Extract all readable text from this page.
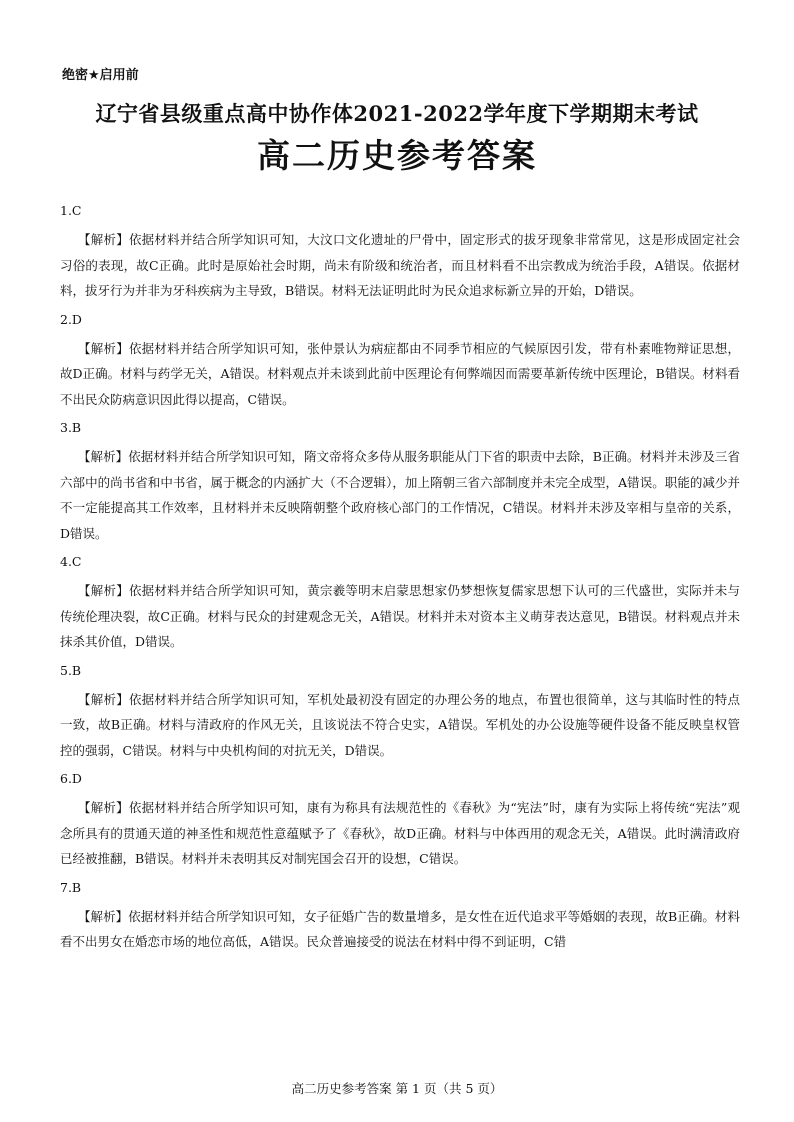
绝密★启用前
辽宁省县级重点高中协作体2021-2022学年度下学期期末考试
高二历史参考答案
1.C
【解析】依据材料并结合所学知识可知，大汶口文化遗址的尸骨中，固定形式的拔牙现象非常常见，这是形成固定社会习俗的表现，故C正确。此时是原始社会时期，尚未有阶级和统治者，而且材料看不出宗教成为统治手段，A错误。依据材料，拔牙行为并非为牙科疾病为主导致，B错误。材料无法证明此时为民众追求标新立异的开始，D错误。
2.D
【解析】依据材料并结合所学知识可知，张仲景认为病症都由不同季节相应的气候原因引发，带有朴素唯物辩证思想，故D正确。材料与药学无关，A错误。材料观点并未谈到此前中医理论有何弊端因而需要革新传统中医理论，B错误。材料看不出民众防病意识因此得以提高，C错误。
3.B
【解析】依据材料并结合所学知识可知，隋文帝将众多侍从服务职能从门下省的职责中去除，B正确。材料并未涉及三省六部中的尚书省和中书省，属于概念的内涵扩大（不合逻辑），加上隋朝三省六部制度并未完全成型，A错误。职能的减少并不一定能提高其工作效率，且材料并未反映隋朝整个政府核心部门的工作情况，C错误。材料并未涉及宰相与皇帝的关系，D错误。
4.C
【解析】依据材料并结合所学知识可知，黄宗羲等明末启蒙思想家仍梦想恢复儒家思想下认可的三代盛世，实际并未与传统伦理决裂，故C正确。材料与民众的封建观念无关，A错误。材料并未对资本主义萌芽表达意见，B错误。材料观点并未抹杀其价值，D错误。
5.B
【解析】依据材料并结合所学知识可知，军机处最初没有固定的办理公务的地点，布置也很简单，这与其临时性的特点一致，故B正确。材料与清政府的作风无关，且该说法不符合史实，A错误。军机处的办公设施等硬件设备不能反映皇权管控的强弱，C错误。材料与中央机构间的对抗无关，D错误。
6.D
【解析】依据材料并结合所学知识可知，康有为称具有法规范性的《春秋》为“宪法”时，康有为实际上将传统“宪法”观念所具有的贯通天道的神圣性和规范性意蕴赋予了《春秋》，故D正确。材料与中体西用的观念无关，A错误。此时满清政府已经被推翻，B错误。材料并未表明其反对制宪国会召开的设想，C错误。
7.B
【解析】依据材料并结合所学知识可知，女子征婚广告的数量增多，是女性在近代追求平等婚姻的表现，故B正确。材料看不出男女在婚恋市场的地位高低，A错误。民众普遍接受的说法在材料中得不到证明，C错
高二历史参考答案 第 1 页（共 5 页）
